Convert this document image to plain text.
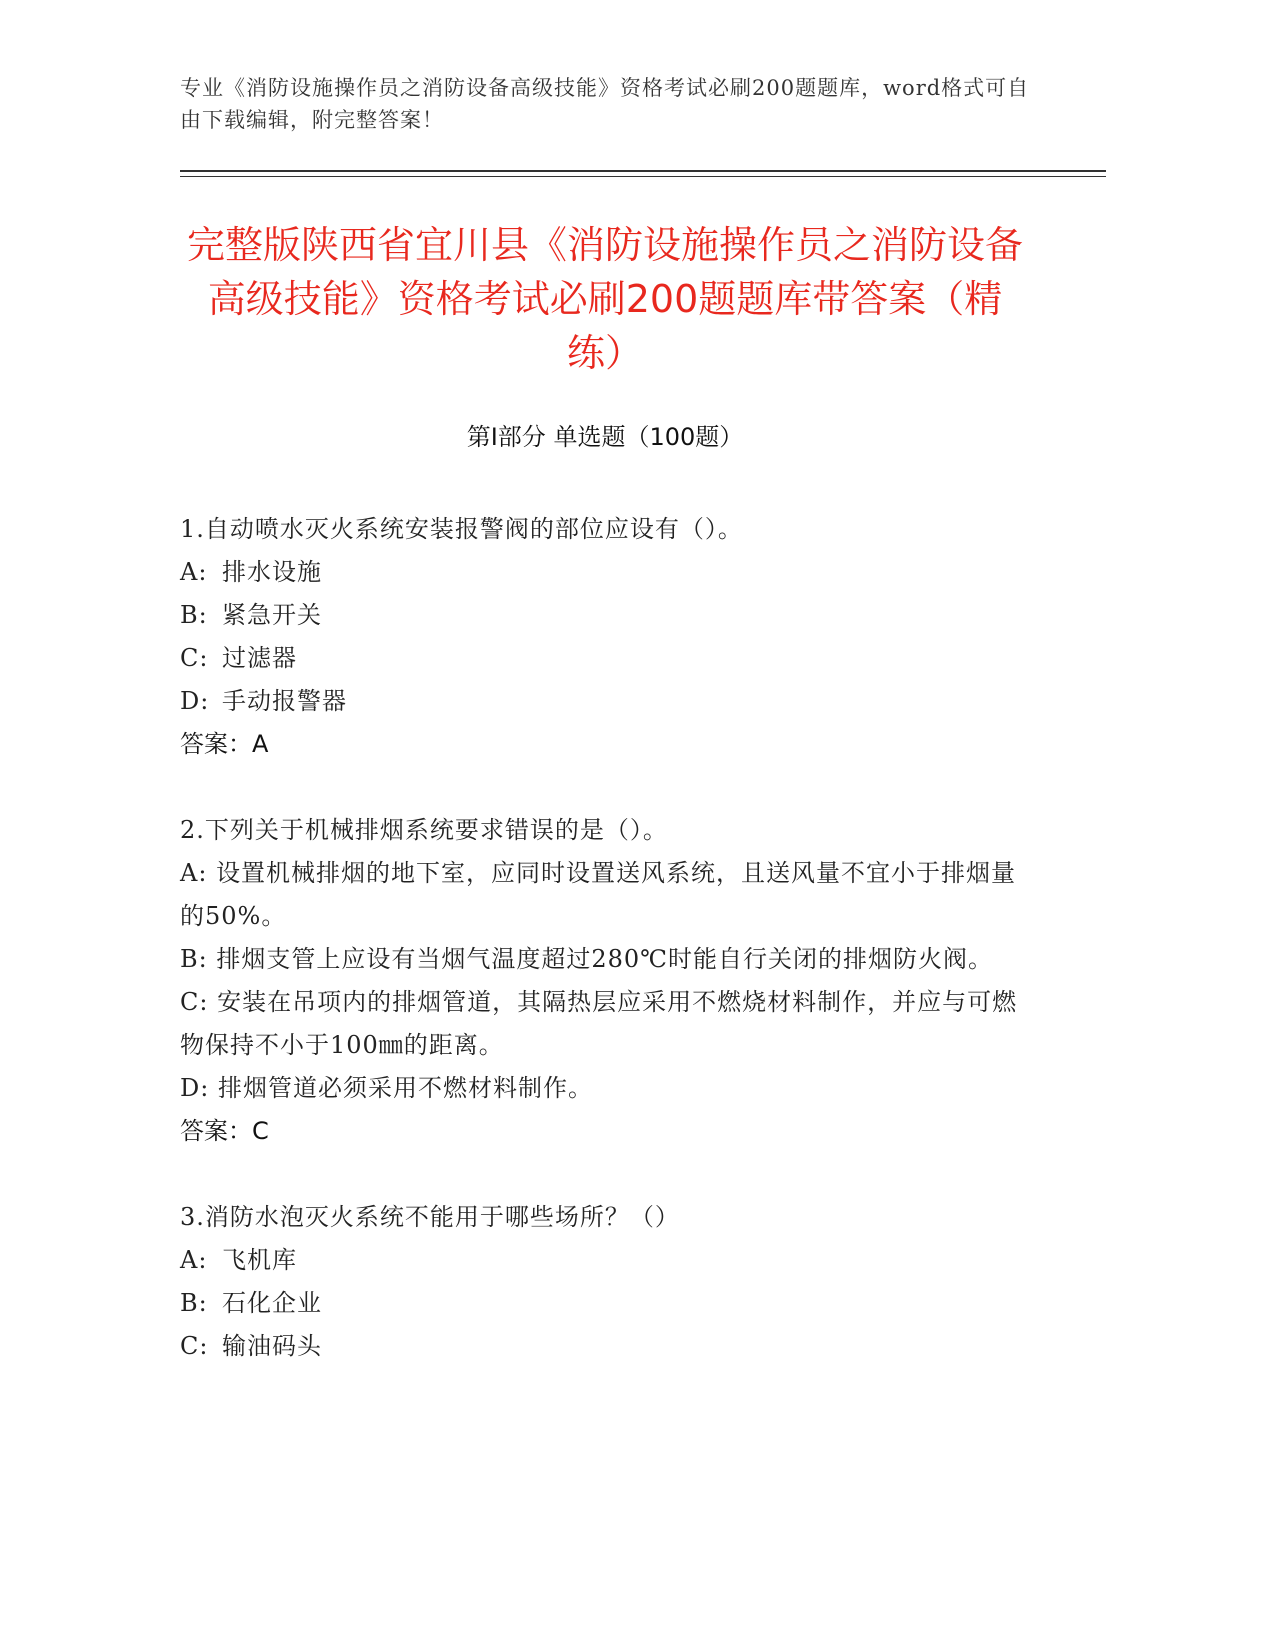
专业《消防设施操作员之消防设备高级技能》资格考试必刷200题题库，word格式可自由下载编辑，附完整答案！
完整版陕西省宜川县《消防设施操作员之消防设备高级技能》资格考试必刷200题题库带答案（精练）
第Ⅰ部分 单选题（100题）
1.自动喷水灭火系统安装报警阀的部位应设有（）。
A: 排水设施
B: 紧急开关
C: 过滤器
D: 手动报警器
答案：A
2.下列关于机械排烟系统要求错误的是（）。
A: 设置机械排烟的地下室，应同时设置送风系统，且送风量不宜小于排烟量的50%。
B: 排烟支管上应设有当烟气温度超过280℃时能自行关闭的排烟防火阀。
C: 安装在吊项内的排烟管道，其隔热层应采用不燃烧材料制作，并应与可燃物保持不小于100㎜的距离。
D: 排烟管道必须采用不燃材料制作。
答案：C
3.消防水泡灭火系统不能用于哪些场所？（）
A: 飞机库
B: 石化企业
C: 输油码头
